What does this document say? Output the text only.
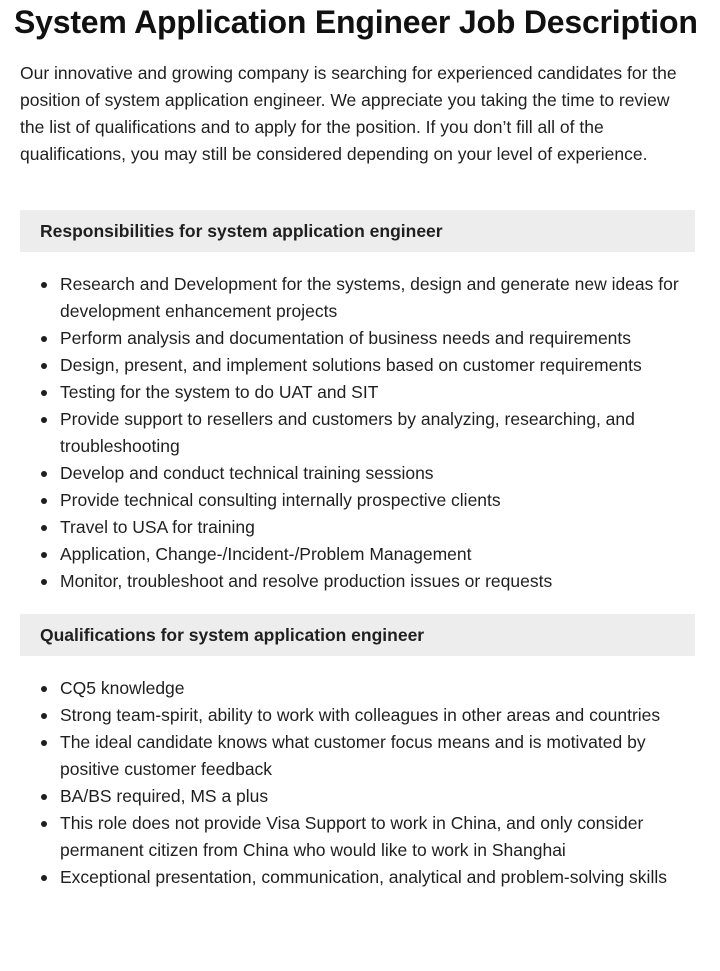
System Application Engineer Job Description

Our innovative and growing company is searching for experienced candidates for the position of system application engineer. We appreciate you taking the time to review the list of qualifications and to apply for the position. If you don’t fill all of the qualifications, you may still be considered depending on your level of experience.

Responsibilities for system application engineer
Research and Development for the systems, design and generate new ideas for development enhancement projects
Perform analysis and documentation of business needs and requirements
Design, present, and implement solutions based on customer requirements
Testing for the system to do UAT and SIT
Provide support to resellers and customers by analyzing, researching, and troubleshooting
Develop and conduct technical training sessions
Provide technical consulting internally prospective clients
Travel to USA for training
Application, Change-/Incident-/Problem Management
Monitor, troubleshoot and resolve production issues or requests
Qualifications for system application engineer
CQ5 knowledge
Strong team-spirit, ability to work with colleagues in other areas and countries
The ideal candidate knows what customer focus means and is motivated by positive customer feedback
BA/BS required, MS a plus
This role does not provide Visa Support to work in China, and only consider permanent citizen from China who would like to work in Shanghai
Exceptional presentation, communication, analytical and problem-solving skills
